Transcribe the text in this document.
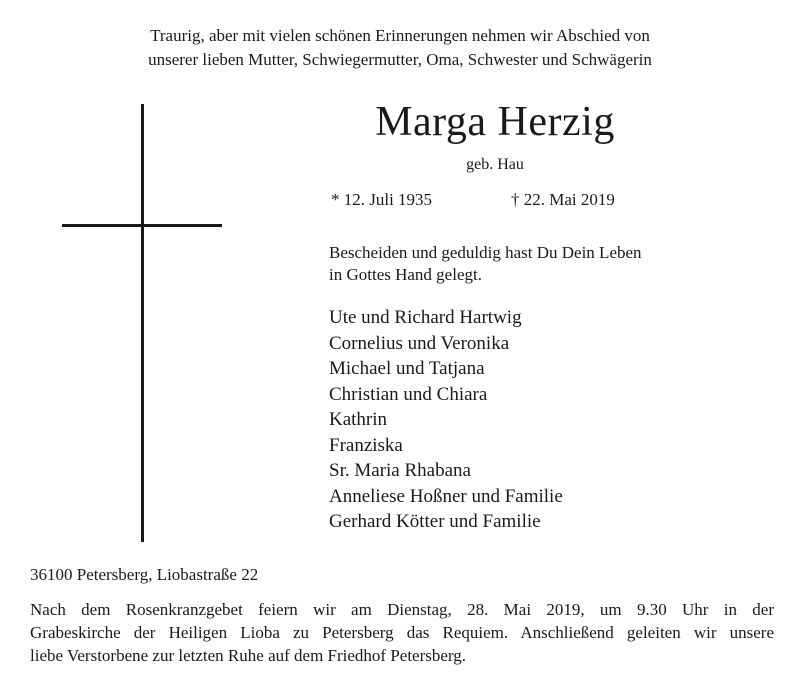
Traurig, aber mit vielen schönen Erinnerungen nehmen wir Abschied von
unserer lieben Mutter, Schwiegermutter, Oma, Schwester und Schwägerin
Marga Herzig
geb. Hau
* 12. Juli 1935	† 22. Mai 2019
Bescheiden und geduldig hast Du Dein Leben
in Gottes Hand gelegt.
Ute und Richard Hartwig
Cornelius und Veronika
Michael und Tatjana
Christian und Chiara
Kathrin
Franziska
Sr. Maria Rhabana
Anneliese Hoßner und Familie
Gerhard Kötter und Familie
36100 Petersberg, Liobastraße 22
Nach dem Rosenkranzgebet feiern wir am Dienstag, 28. Mai 2019, um 9.30 Uhr in der
Grabeskirche der Heiligen Lioba zu Petersberg das Requiem. Anschließend geleiten wir unsere
liebe Verstorbene zur letzten Ruhe auf dem Friedhof Petersberg.
